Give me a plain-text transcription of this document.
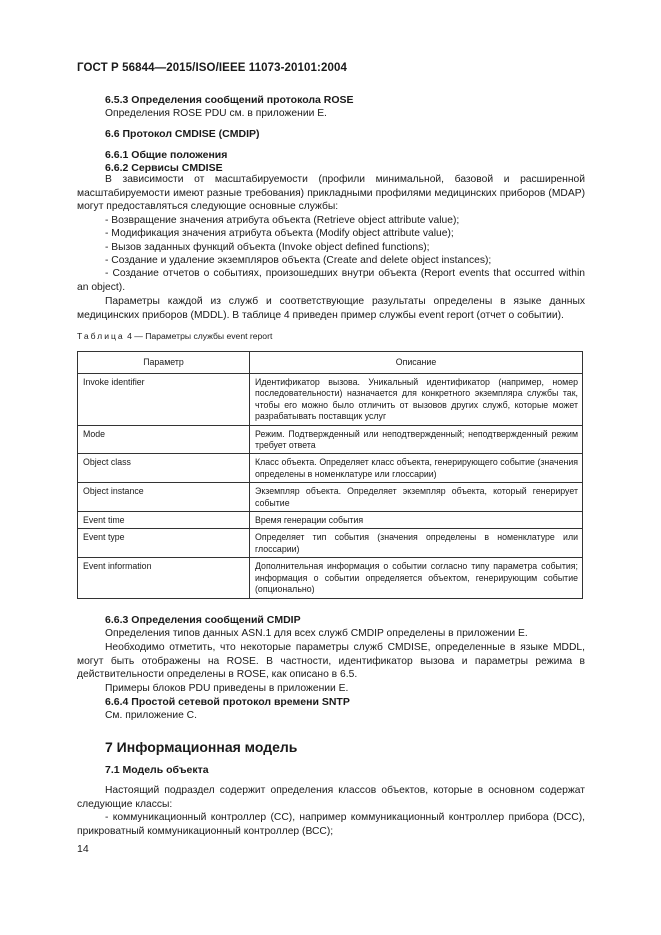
ГОСТ Р 56844—2015/ISO/IEEE 11073-20101:2004
6.5.3 Определения сообщений протокола ROSE
Определения ROSE PDU см. в приложении Е.
6.6 Протокол CMDISE (CMDIP)
6.6.1 Общие положения
6.6.2 Сервисы CMDISE
В зависимости от масштабируемости (профили минимальной, базовой и расширенной масштабируемости имеют разные требования) прикладными профилями медицинских приборов (MDAP) могут предоставляться следующие основные службы:
- Возвращение значения атрибута объекта (Retrieve object attribute value);
- Модификация значения атрибута объекта (Modify object attribute value);
- Вызов заданных функций объекта (Invoke object defined functions);
- Создание и удаление экземпляров объекта (Create and delete object instances);
- Создание отчетов о событиях, произошедших внутри объекта (Report events that occurred within an object).
Параметры каждой из служб и соответствующие разультаты определены в языке данных медицинских приборов (MDDL). В таблице 4 приведен пример службы event report (отчет о событии).
Таблица 4 — Параметры службы event report
Параметр	Описание
Invoke identifier	Идентификатор вызова. Уникальный идентификатор (например, номер последовательности) назначается для конкретного экземпляра службы так, чтобы его можно было отличить от вызовов других служб, которые может разрабатывать поставщик услуг
Mode	Режим. Подтвержденный или неподтвержденный; неподтвержденный режим требует ответа
Object class	Класс объекта. Определяет класс объекта, генерирующего событие (значения определены в номенклатуре или глоссарии)
Object instance	Экземпляр объекта. Определяет экземпляр объекта, который генерирует событие
Event time	Время генерации события
Event type	Определяет тип события (значения определены в номенклатуре или глоссарии)
Event information	Дополнительная информация о событии согласно типу параметра события; информация о событии определяется объектом, генерирующим событие (опционально)
6.6.3 Определения сообщений CMDIP
Определения типов данных ASN.1 для всех служб CMDIP определены в приложении Е.
Необходимо отметить, что некоторые параметры служб CMDISE, определенные в языке MDDL, могут быть отображены на ROSE. В частности, идентификатор вызова и параметры режима в действительности определены в ROSE, как описано в 6.5.
Примеры блоков PDU приведены в приложении Е.
6.6.4 Простой сетевой протокол времени SNTP
См. приложение С.
7 Информационная модель
7.1 Модель объекта
Настоящий подраздел содержит определения классов объектов, которые в основном содержат следующие классы:
- коммуникационный контроллер (СС), например коммуникационный контроллер прибора (DCC), прикроватный коммуникационный контроллер (ВСС);
14
